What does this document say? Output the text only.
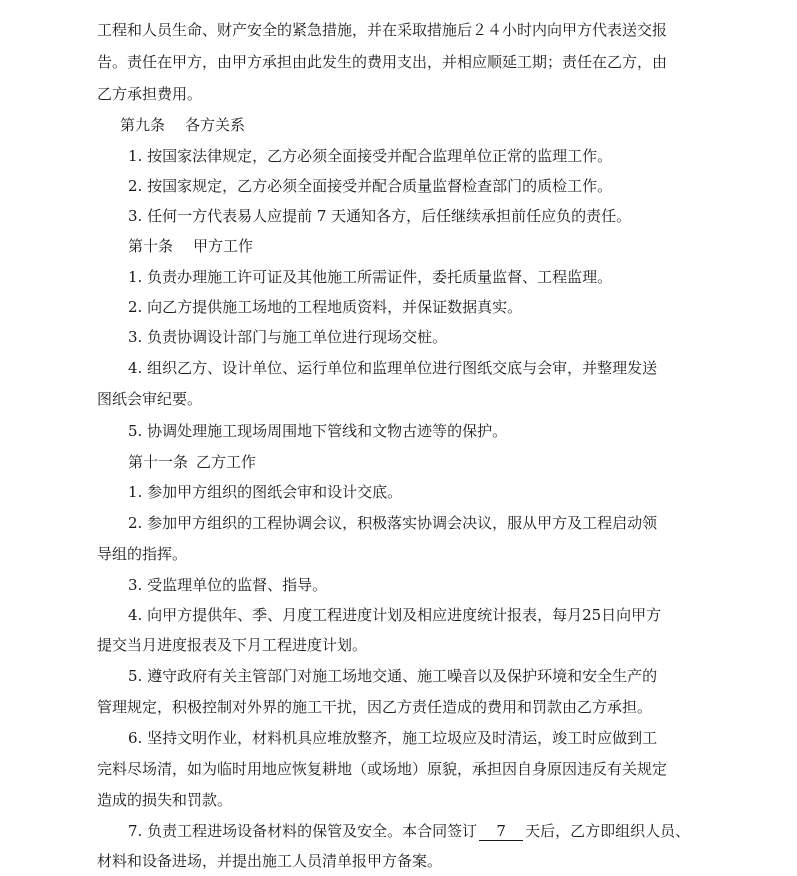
工程和人员生命、财产安全的紧急措施，并在采取措施后２４小时内向甲方代表送交报
告。责任在甲方，由甲方承担由此发生的费用支出，并相应顺延工期；责任在乙方，由
乙方承担费用。
第九条 各方关系
1. 按国家法律规定，乙方必须全面接受并配合监理单位正常的监理工作。
2. 按国家规定，乙方必须全面接受并配合质量监督检查部门的质检工作。
3. 任何一方代表易人应提前 7 天通知各方，后任继续承担前任应负的责任。
第十条 甲方工作
1. 负责办理施工许可证及其他施工所需证件，委托质量监督、工程监理。
2. 向乙方提供施工场地的工程地质资料，并保证数据真实。
3. 负责协调设计部门与施工单位进行现场交桩。
4. 组织乙方、设计单位、运行单位和监理单位进行图纸交底与会审，并整理发送
图纸会审纪要。
5. 协调处理施工现场周围地下管线和文物古迹等的保护。
第十一条 乙方工作
1. 参加甲方组织的图纸会审和设计交底。
2. 参加甲方组织的工程协调会议，积极落实协调会决议，服从甲方及工程启动领
导组的指挥。
3. 受监理单位的监督、指导。
4. 向甲方提供年、季、月度工程进度计划及相应进度统计报表，每月25日向甲方
提交当月进度报表及下月工程进度计划。
5. 遵守政府有关主管部门对施工场地交通、施工噪音以及保护环境和安全生产的
管理规定，积极控制对外界的施工干扰，因乙方责任造成的费用和罚款由乙方承担。
6. 坚持文明作业，材料机具应堆放整齐，施工垃圾应及时清运，竣工时应做到工
完料尽场清，如为临时用地应恢复耕地（或场地）原貌，承担因自身原因违反有关规定
造成的损失和罚款。
7. 负责工程进场设备材料的保管及安全。本合同签订 7 天后，乙方即组织人员、
材料和设备进场，并提出施工人员清单报甲方备案。
